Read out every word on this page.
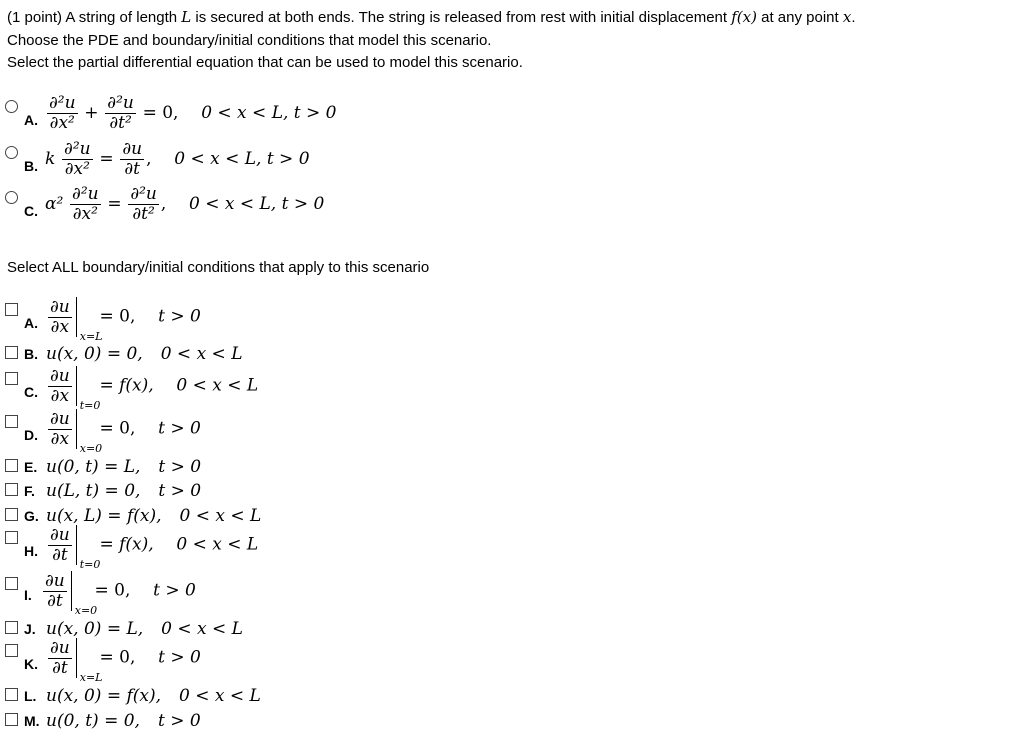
(1 point) A string of length L is secured at both ends. The string is released from rest with initial displacement f(x) at any point x.

Choose the PDE and boundary/initial conditions that model this scenario.

Select the partial differential equation that can be used to model this scenario.

A. $\frac{\text{∂²u}}{\text{∂x²}} + \frac{\text{∂²u}}{\text{∂t²}} = 0$, 0 < x < L, t > 0
B. k $\frac{\text{∂²u}}{\text{∂x²}} = \frac{\partial u}{\partial t}$ , 0 < x < L, t > 0
C. $\alpha^2 \frac{\text{∂²u}}{\text{∂x²}} = \frac{\text{∂²u}}{\text{∂t²}}$ , 0 < x < L, t > 0

Select ALL boundary/initial conditions that apply to this scenario

A. $\frac{\partial u}{\partial x} x=L$
= 0, t > 0
B. u(x, 0) = 0, 0 < x < L
C. $\frac{\partial u}{\partial x} t=0$
= f(x), 0 < x < L
D. $\frac{\partial u}{\partial x} x=0$
= 0, t > 0
E. u(0, t) = L, t > 0
F. u(L, t) = 0, t > 0
G. u(x, L) = f(x), 0 < x < L
H. $\frac{\partial u}{\partial t} t=0$
= f(x), 0 < x < L
I. $\frac{\partial u}{\partial t} x=0$
= 0, t > 0
J. u(x, 0) = L, 0 < x < L
K. $\frac{\partial u}{\partial t} x=L$
= 0, t > 0
L. u(x, 0) = f(x), 0 < x < L
M. u(0, t) = 0, t > 0
